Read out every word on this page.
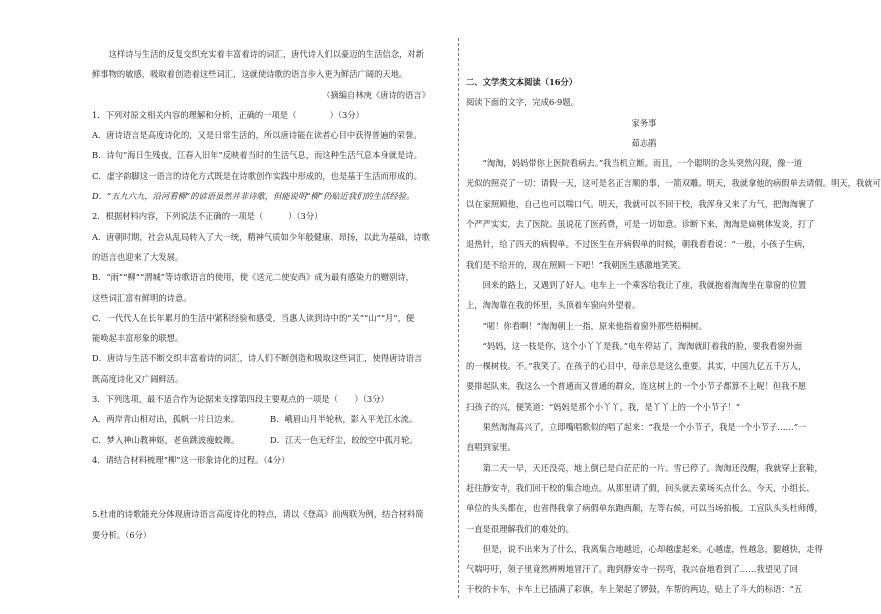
这样诗与生活的反复交织充实着丰富着诗的词汇，唐代诗人们以豪迈的生活信念，对新

鲜事物的敏感，吸取着创造着这些词汇，这就使诗歌的语言步入更为鲜活广阔的天地。

（摘编自林庚《唐诗的语言》

1．下列对原文相关内容的理解和分析，正确的一项是（　　　　）（3分）

A．唐诗语言是高度诗化的，又是日常生活的，所以唐诗能在读者心目中获得普遍的荣誉。

B．诗句“海日生残夜，江春入旧年”反映着当时的生活气息，而这种生活气息本身就是诗。

C．虚字韵脚这一语言的诗化方式既是在诗歌创作实践中形成的，也是基于生活而形成的。

D．“五九六九，沿河看柳”的谚语虽然并非诗歌，但能说明“柳”仍贴近我们的生活经验。

2．根据材料内容，下列说法不正确的一项是（　　　）（3分）

A．唐朝时期，社会从乱局转入了大一统，精神气质如少年般健康、昂扬，以此为基础，诗歌

的语言也迎来了大发展。

B．“雨”“柳”“渭城”等诗歌语言的使用，使《送元二使安西》成为最有感染力的赠别诗，

这些词汇富有鲜明的诗意。

C．一代代人在长年累月的生活中紧积经验和感受，当惠人读到诗中的“关”“山”“月”，便

能唤起丰富形象的联想。

D．唐诗与生活不断交织丰富着诗的词汇，诗人们不断创造和吸取这些词汇，使得唐诗语言

既高度诗化又广阔鲜活。

3．下列选项，最不适合作为论据来支撑第四段主要观点的一项是（　　）（3分）

A．两岸青山相对出，孤帆一片日边来。	B．峨眉山月半轮秋，影入平羌江水流。
C．梦入神山教神妪，老鱼跳波瘦蛟舞。	D．江天一色无纤尘，皎皎空中孤月轮。

4．请结合材料梳理“柳”这一形象诗化的过程。（4分）

5.杜甫的诗歌能充分体现唐诗语言高度诗化的特点，请以《登高》前两联为例，结合材料简

要分析。（6分）

二、文学类文本阅读（16分）

阅读下面的文字，完成6-9题。

家务事

茹志鹃

“淘淘，妈妈带你上医院看病去。”我当机立断。而且，一个聪明的念头突然闪现，像一道

光似的照亮了一切：请假一天，这可是名正言顺的事，一箭双雕。明天，我就拿他的病假单去请假。明天，我就可

以在家照顾他，自己也可以喘口气。明天，我就可以不回干校，我浑身又来了力气，把淘淘裹了

个严严实实，去了医院。虽说花了医药费，可是一切如意。诊断下来，淘淘是扁桃体发炎，打了

退热针，给了四天的病假单。不过医生在开病假单的时候，朝我看看说：“一般，小孩子生病，

我们是不给开的，现在照顾一下吧！”我朝医生感激地笑笑。

回来的路上，又遇到了好人。电车上一个乘客给我让了座，我就抱着淘淘坐在靠窗的位置

上，淘淘靠在我的怀里，头顶着车窗向外望着。

“喏！你看啊！”淘淘朝上一指，原来他指着窗外那些梧桐树。

“妈妈，这一枝是你，这个小丫丫是我。”电车停站了，淘淘就盯着我的脸，要我看窗外面

的一棵树枝。不。”我笑了。在孩子的心目中，母亲总是这么重要。其实，中国九亿五千万人，

要排起队来，我这么一个普通而又普通的群众，连这树上的一个小节子都算不上呢！但我不愿

扫孩子的兴，便笑道：“妈妈是那个小丫丫，我，是丫丫上的一个小节子！”

果然淘淘高兴了，立即嘴唱歌似的唱了起来：“我是一个小节子，我是一个小节子……”一

直唱到家里。

第二天一早，天还没亮，地上倒已是白茫茫的一片。雪已停了。淘淘还没醒，我就穿上套鞋，

赶往静安寺，我们回干校的集合地点。从那里请了假，回头就去菜场买点什么。今天，小组长、

单位的头头都在，也省得我拿了病假单东跑西颠，左等右候，可以当场拍板。工宣队头头杜师傅，

一直是很理解我们的难处的。

但是，说不出来为了什么，我离集合地越近，心却越虚起来。心越虚，性越急，腿越快，走得

气喘吁吁，领子里竟然辨辨地冒汗了。跑到静安寺一拐弯，我兴奋地看到了……我望见了回

干校的卡车，卡车上已插满了彩旗，车上架起了锣鼓，车帮的两边，贴上了斗大的标语：“五
